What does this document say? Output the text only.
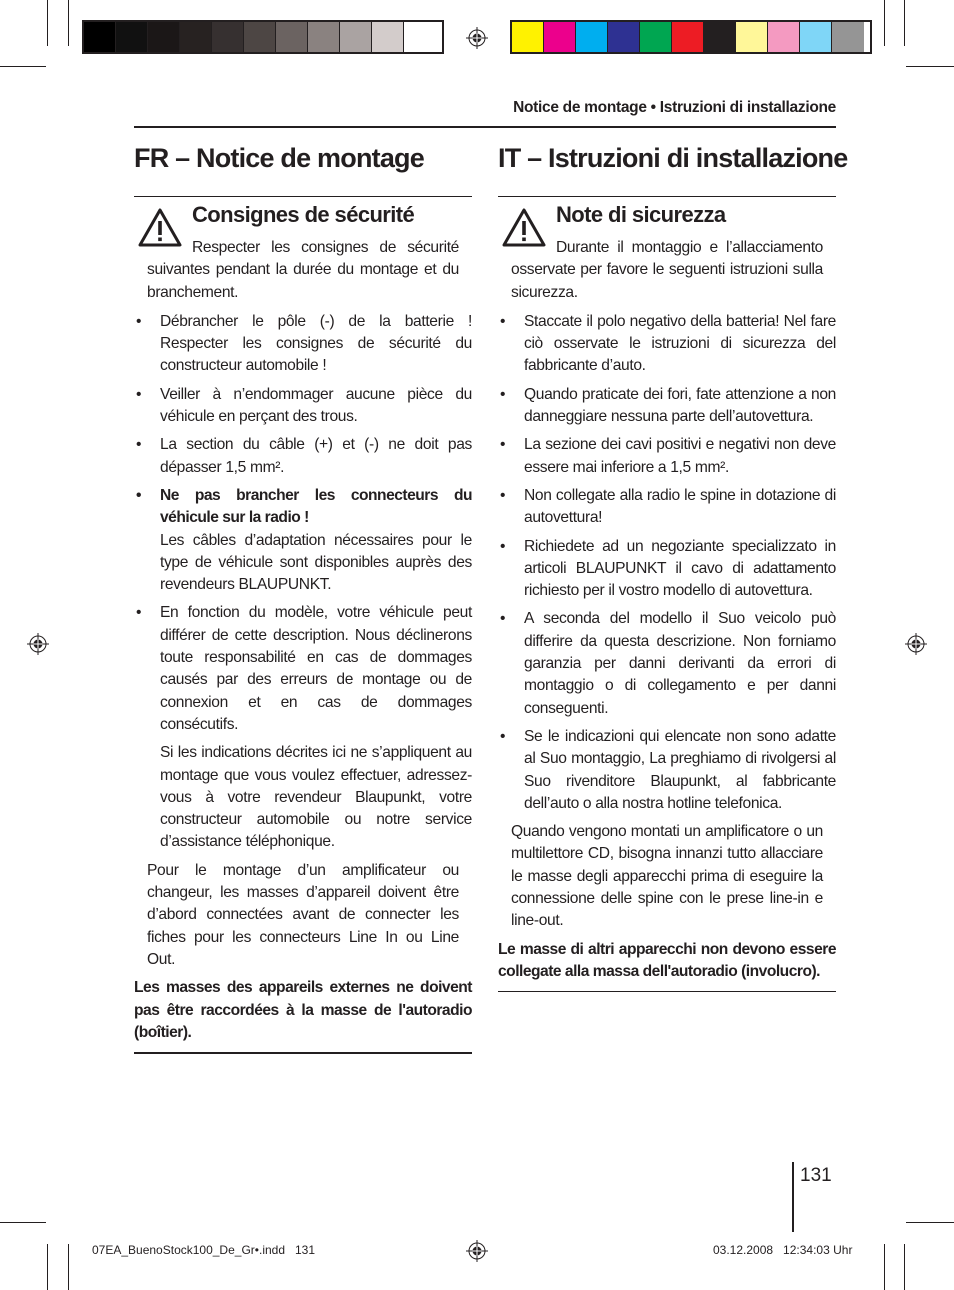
Notice de montage • Istruzioni di installazione
FR – Notice de montage	IT – Istruzioni di installazione
Consignes de sécurité	Note di sicurezza

Respecter les consignes de sécurité suivantes pendant la durée du montage et du branchement.

• Débrancher le pôle (-) de la batterie ! Respecter les consignes de sécurité du constructeur automobile !

• Veiller à n’endommager aucune pièce du véhicule en perçant des trous.

• La section du câble (+) et (-) ne doit pas dépasser 1,5 mm².

• Ne pas brancher les connecteurs du véhicule sur la radio !

Les câbles d’adaptation nécessaires pour le type de véhicule sont disponibles auprès des revendeurs BLAUPUNKT.

• En fonction du modèle, votre véhicule peut différer de cette description. Nous déclinerons toute responsabilité en cas de dommages causés par des erreurs de montage ou de connexion et en cas de dommages consécutifs.

Si les indications décrites ici ne s’appliquent au montage que vous voulez effectuer, adressez-vous à votre revendeur Blaupunkt, votre constructeur automobile ou notre service d’assistance téléphonique.

Pour le montage d’un amplificateur ou changeur, les masses d’appareil doivent être d’abord connectées avant de connecter les fiches pour les connecteurs Line In ou Line Out.

Les masses des appareils externes ne doivent pas être raccordées à la masse de l'autoradio (boîtier).

Durante il montaggio e l’allacciamento osservate per favore le seguenti istruzioni sulla sicurezza.

• Staccate il polo negativo della batteria! Nel fare ciò osservate le istruzioni di sicurezza del fabbricante d’auto.

• Quando praticate dei fori, fate attenzione a non danneggiare nessuna parte dell’autovettura.

• La sezione dei cavi positivi e negativi non deve essere mai inferiore a 1,5 mm².

• Non collegate alla radio le spine in dotazione di autovettura!

• Richiedete ad un negoziante specializzato in articoli BLAUPUNKT il cavo di adattamento richiesto per il vostro modello di autovettura.

• A seconda del modello il Suo veicolo può differire da questa descrizione. Non forniamo garanzia per danni derivanti da errori di montaggio o di collegamento e per danni conseguenti.

• Se le indicazioni qui elencate non sono adatte al Suo montaggio, La preghiamo di rivolgersi al Suo rivenditore Blaupunkt, al fabbricante dell’auto o alla nostra hotline telefonica.

Quando vengono montati un amplificatore o un multilettore CD, bisogna innanzi tutto allacciare le masse degli apparecchi prima di eseguire la connessione delle spine con le prese line-in e line-out.

Le masse di altri apparecchi non devono essere collegate alla massa dell'autoradio (involucro).

131
07EA_BuenoStock100_De_Gr•.indd   131	03.12.2008   12:34:03 Uhr
